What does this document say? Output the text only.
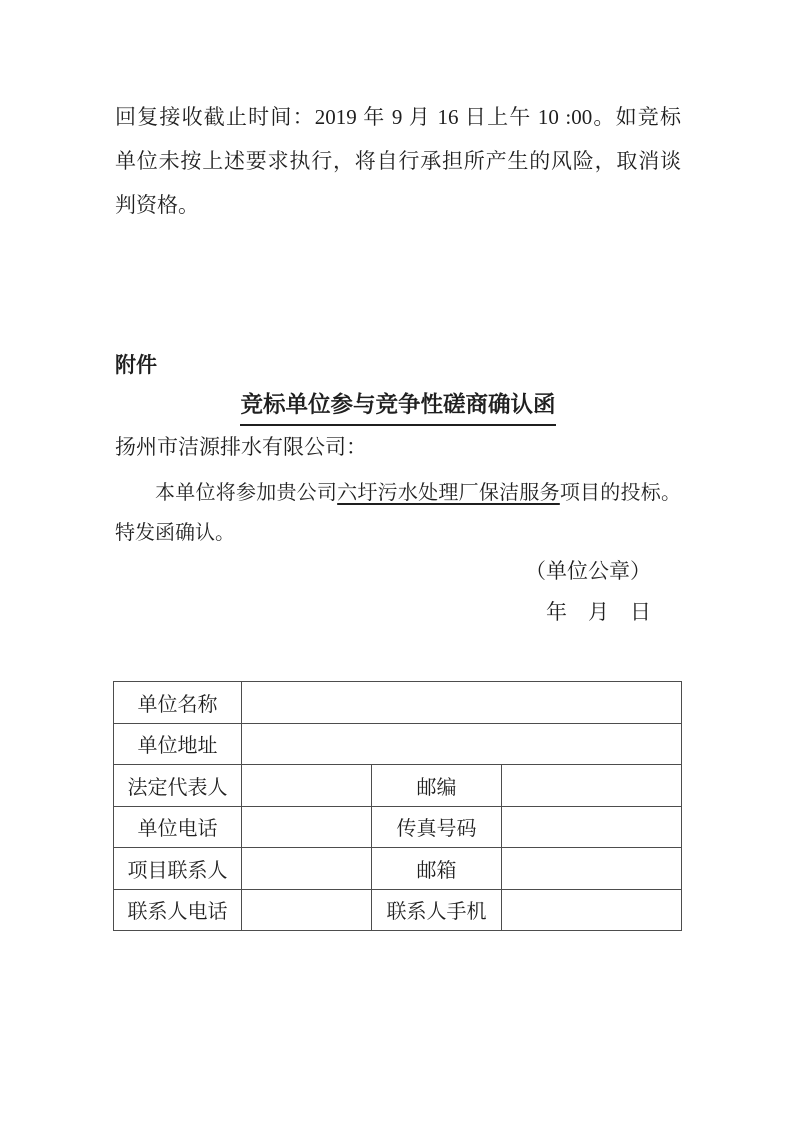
回复接收截止时间：2019 年 9 月 16 日上午 10 :00。如竞标
单位未按上述要求执行，将自行承担所产生的风险，取消谈
判资格。
附件
竞标单位参与竞争性磋商确认函
扬州市洁源排水有限公司：
本单位将参加贵公司六圩污水处理厂保洁服务项目的投标。
特发函确认。
（单位公章）
年　月　日
单位名称			
单位地址			
法定代表人		邮编	
单位电话		传真号码	
项目联系人		邮箱	
联系人电话		联系人手机	
